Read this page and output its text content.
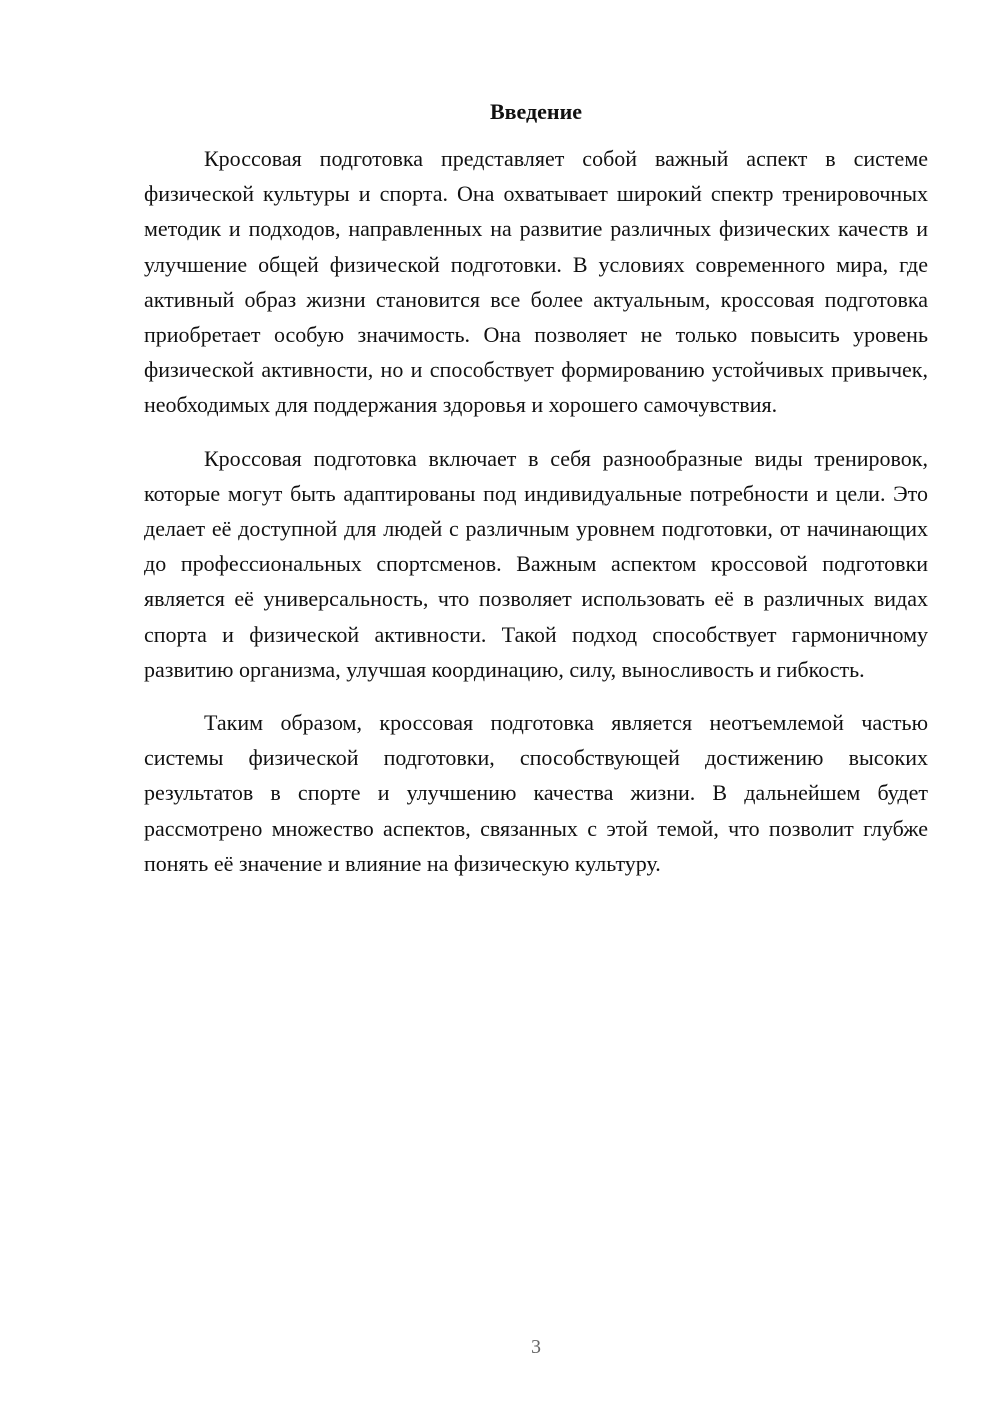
Введение

Кроссовая подготовка представляет собой важный аспект в системе физической культуры и спорта. Она охватывает широкий спектр тренировочных методик и подходов, направленных на развитие различных физических качеств и улучшение общей физической подготовки. В условиях современного мира, где активный образ жизни становится все более актуальным, кроссовая подготовка приобретает особую значимость. Она позволяет не только повысить уровень физической активности, но и способствует формированию устойчивых привычек, необходимых для поддержания здоровья и хорошего самочувствия.

Кроссовая подготовка включает в себя разнообразные виды тренировок, которые могут быть адаптированы под индивидуальные потребности и цели. Это делает её доступной для людей с различным уровнем подготовки, от начинающих до профессиональных спортсменов. Важным аспектом кроссовой подготовки является её универсальность, что позволяет использовать её в различных видах спорта и физической активности. Такой подход способствует гармоничному развитию организма, улучшая координацию, силу, выносливость и гибкость.

Таким образом, кроссовая подготовка является неотъемлемой частью системы физической подготовки, способствующей достижению высоких результатов в спорте и улучшению качества жизни. В дальнейшем будет рассмотрено множество аспектов, связанных с этой темой, что позволит глубже понять её значение и влияние на физическую культуру.

3
